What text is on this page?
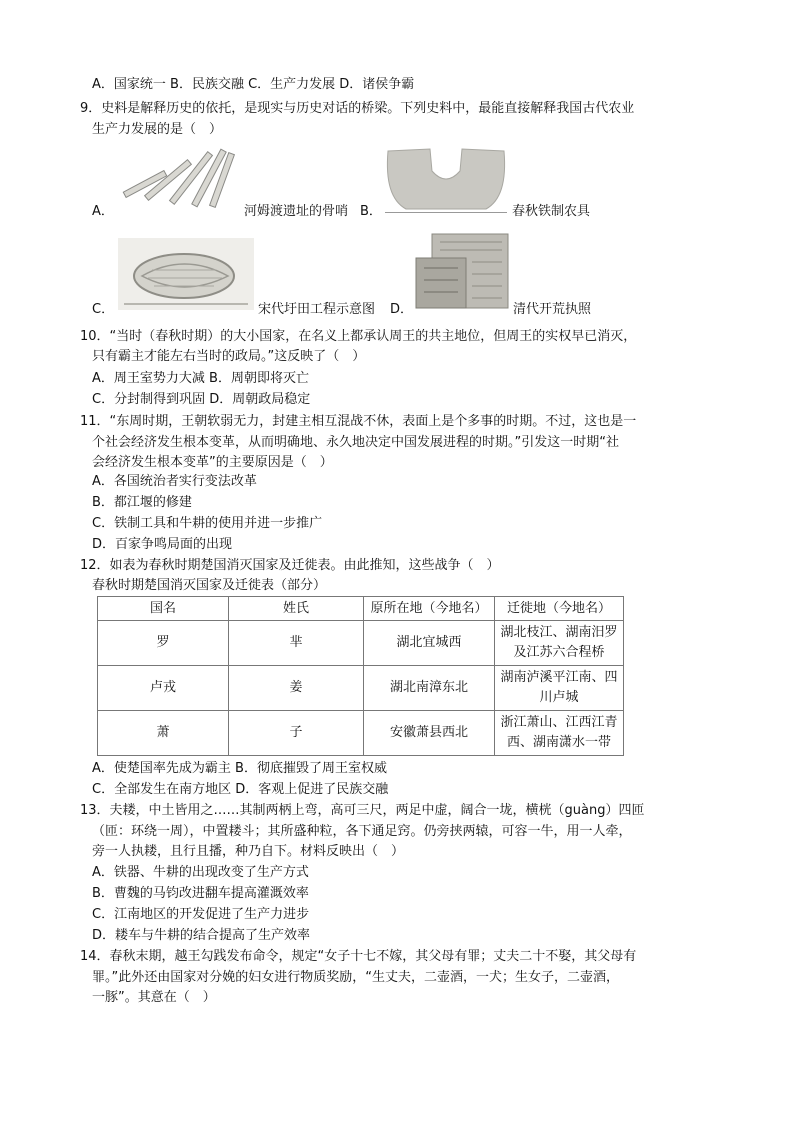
A．国家统一 B．民族交融 C．生产力发展 D．诸侯争霸
9．史料是解释历史的依托，是现实与历史对话的桥梁。下列史料中，最能直接解释我国古代农业
生产力发展的是（　）
A．	河姆渡遗址的骨哨 B．	春秋铁制农具
C．	宋代圩田工程示意图 D．	清代开荒执照
10．“当时（春秋时期）的大小国家，在名义上都承认周王的共主地位，但周王的实权早已消灭，
只有霸主才能左右当时的政局。”这反映了（　）
A．周王室势力大减 B．周朝即将灭亡
C．分封制得到巩固 D．周朝政局稳定
11．“东周时期，王朝软弱无力，封建主相互混战不休，表面上是个多事的时期。不过，这也是一
个社会经济发生根本变革，从而明确地、永久地决定中国发展进程的时期。”引发这一时期“社
会经济发生根本变革”的主要原因是（　）
A．各国统治者实行变法改革
B．都江堰的修建
C．铁制工具和牛耕的使用并进一步推广
D．百家争鸣局面的出现
12．如表为春秋时期楚国消灭国家及迁徙表。由此推知，这些战争（　）
春秋时期楚国消灭国家及迁徙表（部分）
国名	姓氏	原所在地（今地名）	迁徙地（今地名）
罗	芈	湖北宜城西	湖北枝江、湖南汨罗
及江苏六合程桥

卢戎	姜	湖北南漳东北	湖南泸溪平江南、四
川卢城

萧	子	安徽萧县西北	浙江萧山、江西江青
西、湖南潇水一带
A．使楚国率先成为霸主 B．彻底摧毁了周王室权威
C．全部发生在南方地区 D．客观上促进了民族交融
13．夫耧，中土皆用之……其制两柄上弯，高可三尺，两足中虚，阔合一垅，横桄（guàng）四匝
（匝：环绕一周），中置耧斗；其所盛种粒，各下通足窍。仍旁挟两辕，可容一牛，用一人牵，
旁一人执耧，且行且播，种乃自下。材料反映出（　）
A．铁器、牛耕的出现改变了生产方式
B．曹魏的马钧改进翻车提高灌溉效率
C．江南地区的开发促进了生产力进步
D．耧车与牛耕的结合提高了生产效率
14．春秋末期，越王勾践发布命令，规定“女子十七不嫁，其父母有罪；丈夫二十不娶，其父母有
罪。”此外还由国家对分娩的妇女进行物质奖励，“生丈夫，二壶酒，一犬；生女子，二壶酒，
一豚”。其意在（　）
